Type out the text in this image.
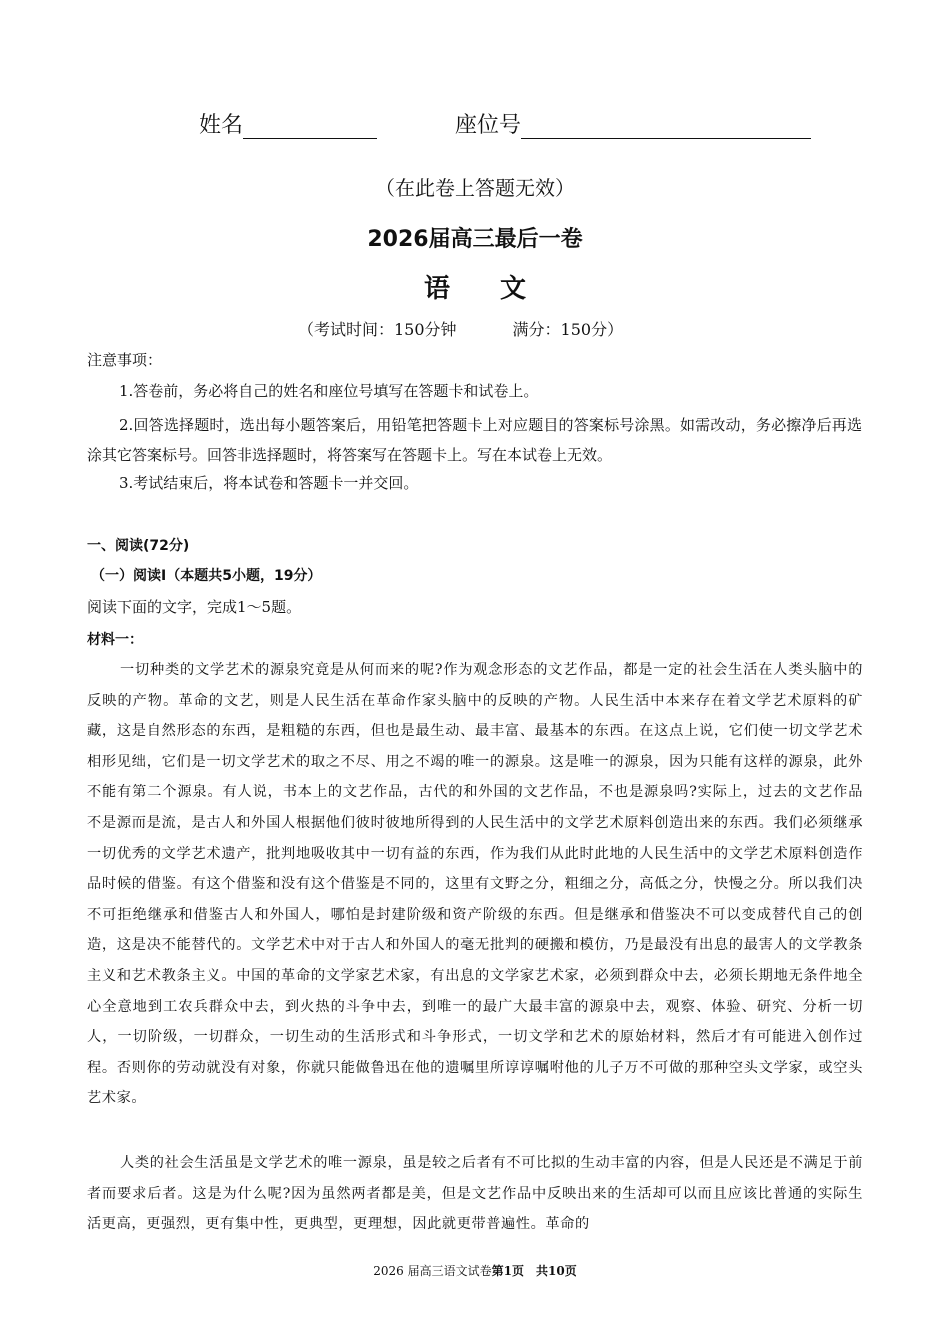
姓名	座位号
（在此卷上答题无效）
2026届高三最后一卷
语 文
（考试时间：150分钟	满分：150分）
注意事项：
1.答卷前，务必将自己的姓名和座位号填写在答题卡和试卷上。
2.回答选择题时，选出每小题答案后，用铅笔把答题卡上对应题目的答案标号涂黑。如需改动，务必擦净后再选涂其它答案标号。回答非选择题时，将答案写在答题卡上。写在本试卷上无效。
3.考试结束后，将本试卷和答题卡一并交回。
一、阅读(72分)
（一）阅读I（本题共5小题，19分）
阅读下面的文字，完成1～5题。
材料一：
一切种类的文学艺术的源泉究竟是从何而来的呢?作为观念形态的文艺作品，都是一定的社会生活在人类头脑中的反映的产物。革命的文艺，则是人民生活在革命作家头脑中的反映的产物。人民生活中本来存在着文学艺术原料的矿藏，这是自然形态的东西，是粗糙的东西，但也是最生动、最丰富、最基本的东西。在这点上说，它们使一切文学艺术相形见绌，它们是一切文学艺术的取之不尽、用之不竭的唯一的源泉。这是唯一的源泉，因为只能有这样的源泉，此外不能有第二个源泉。有人说，书本上的文艺作品，古代的和外国的文艺作品，不也是源泉吗?实际上，过去的文艺作品不是源而是流，是古人和外国人根据他们彼时彼地所得到的人民生活中的文学艺术原料创造出来的东西。我们必须继承一切优秀的文学艺术遗产，批判地吸收其中一切有益的东西，作为我们从此时此地的人民生活中的文学艺术原料创造作品时候的借鉴。有这个借鉴和没有这个借鉴是不同的，这里有文野之分，粗细之分，高低之分，快慢之分。所以我们决不可拒绝继承和借鉴古人和外国人，哪怕是封建阶级和资产阶级的东西。但是继承和借鉴决不可以变成替代自己的创造，这是决不能替代的。文学艺术中对于古人和外国人的毫无批判的硬搬和模仿，乃是最没有出息的最害人的文学教条主义和艺术教条主义。中国的革命的文学家艺术家，有出息的文学家艺术家，必须到群众中去，必须长期地无条件地全心全意地到工农兵群众中去，到火热的斗争中去，到唯一的最广大最丰富的源泉中去，观察、体验、研究、分析一切人，一切阶级，一切群众，一切生动的生活形式和斗争形式，一切文学和艺术的原始材料，然后才有可能进入创作过程。否则你的劳动就没有对象，你就只能做鲁迅在他的遗嘱里所谆谆嘱咐他的儿子万不可做的那种空头文学家，或空头艺术家。
人类的社会生活虽是文学艺术的唯一源泉，虽是较之后者有不可比拟的生动丰富的内容，但是人民还是不满足于前者而要求后者。这是为什么呢?因为虽然两者都是美，但是文艺作品中反映出来的生活却可以而且应该比普通的实际生活更高，更强烈，更有集中性，更典型，更理想，因此就更带普遍性。革命的
2026 届高三语文试卷第1页　共10页
